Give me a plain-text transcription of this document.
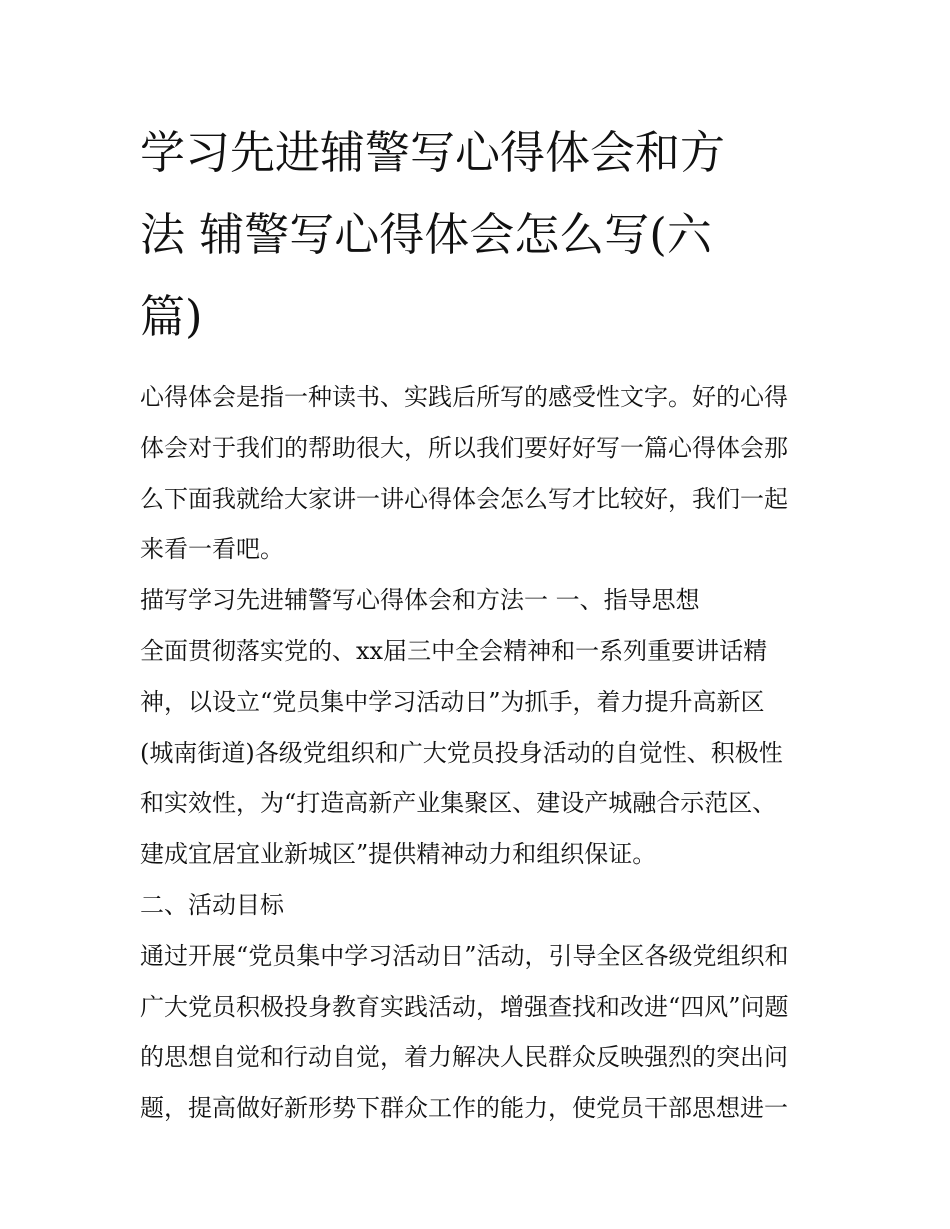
学习先进辅警写心得体会和方
法 辅警写心得体会怎么写(六
篇)
心得体会是指一种读书、实践后所写的感受性文字。好的心得
体会对于我们的帮助很大，所以我们要好好写一篇心得体会那
么下面我就给大家讲一讲心得体会怎么写才比较好，我们一起
来看一看吧。
描写学习先进辅警写心得体会和方法一 一、指导思想
全面贯彻落实党的、xx届三中全会精神和一系列重要讲话精
神，以设立“党员集中学习活动日”为抓手，着力提升高新区
(城南街道)各级党组织和广大党员投身活动的自觉性、积极性
和实效性，为“打造高新产业集聚区、建设产城融合示范区、
建成宜居宜业新城区”提供精神动力和组织保证。
二、活动目标
通过开展“党员集中学习活动日”活动，引导全区各级党组织和
广大党员积极投身教育实践活动，增强查找和改进“四风”问题
的思想自觉和行动自觉，着力解决人民群众反映强烈的突出问
题，提高做好新形势下群众工作的能力，使党员干部思想进一
